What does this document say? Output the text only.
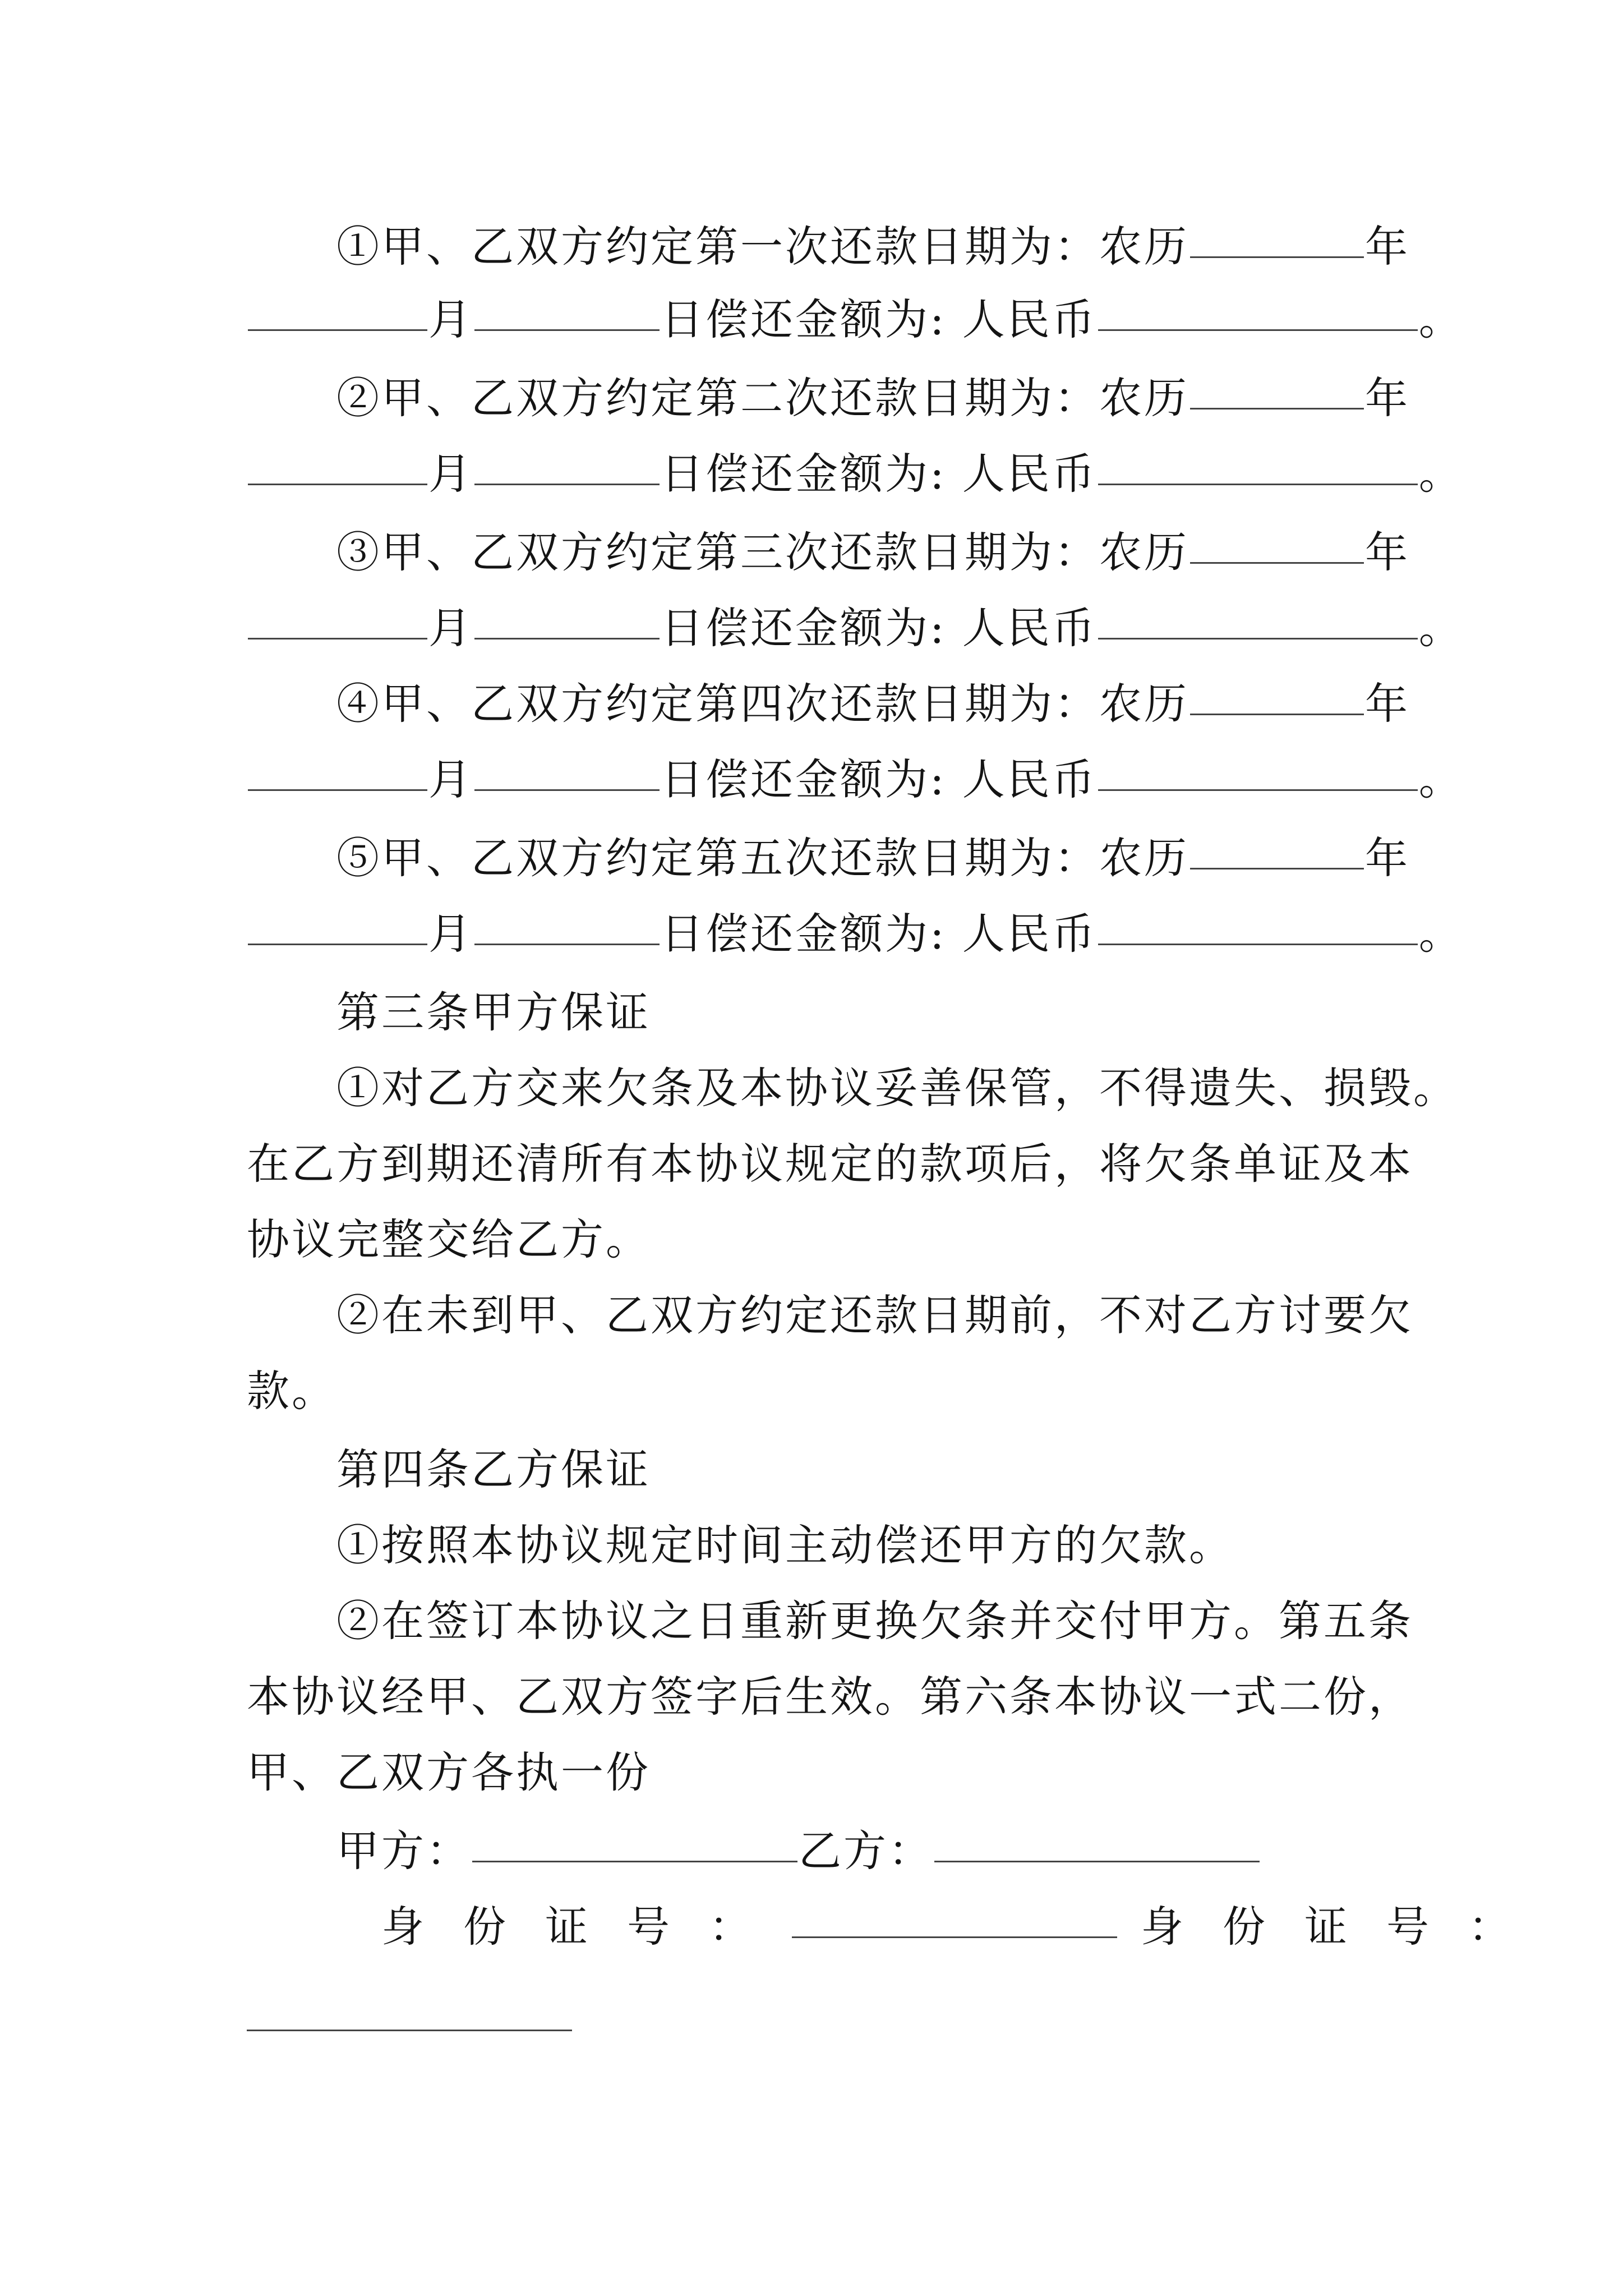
①甲、乙双方约定第一次还款日期为：农历	年
月	日偿还金额为: 人民币	。
②甲、乙双方约定第二次还款日期为：农历	年
月	日偿还金额为: 人民币	。
③甲、乙双方约定第三次还款日期为：农历	年
月	日偿还金额为: 人民币	。
④甲、乙双方约定第四次还款日期为：农历	年
月	日偿还金额为: 人民币	。
⑤甲、乙双方约定第五次还款日期为：农历	年
月	日偿还金额为: 人民币	。
第三条甲方保证
①对乙方交来欠条及本协议妥善保管，不得遗失、损毁。
在乙方到期还清所有本协议规定的款项后，将欠条单证及本
协议完整交给乙方。
②在未到甲、乙双方约定还款日期前，不对乙方讨要欠
款。
第四条乙方保证
①按照本协议规定时间主动偿还甲方的欠款。
②在签订本协议之日重新更换欠条并交付甲方。第五条
本协议经甲、乙双方签字后生效。第六条本协议一式二份，
甲、乙双方各执一份
甲方：	乙方：
身份证号：	身份证号：
